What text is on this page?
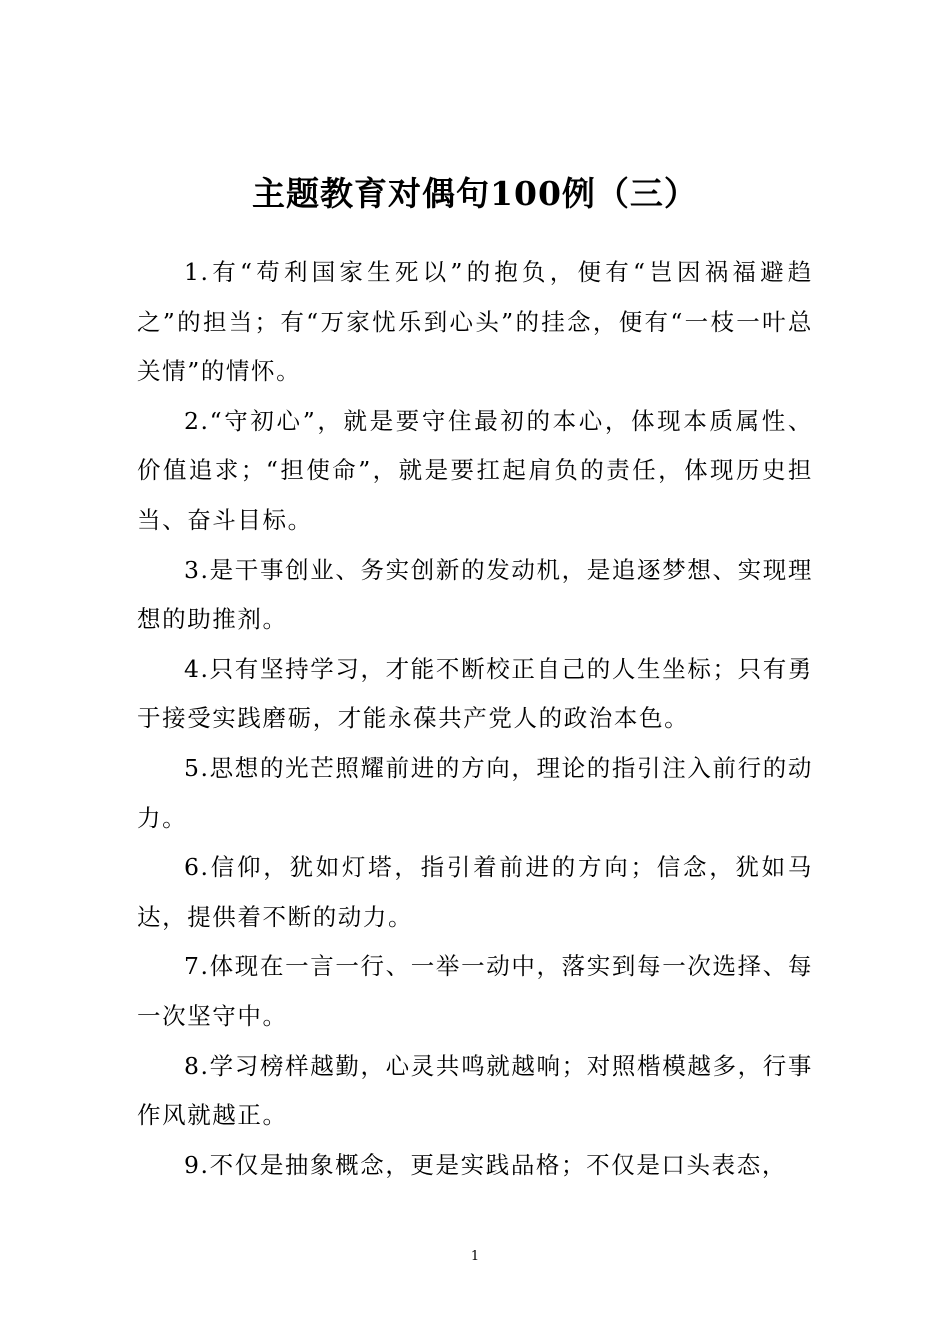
主题教育对偶句100例（三）

1.有“苟利国家生死以”的抱负，便有“岂因祸福避趋之”的担当；有“万家忧乐到心头”的挂念，便有“一枝一叶总关情”的情怀。

2.“守初心”，就是要守住最初的本心，体现本质属性、价值追求；“担使命”，就是要扛起肩负的责任，体现历史担当、奋斗目标。

3.是干事创业、务实创新的发动机，是追逐梦想、实现理想的助推剂。

4.只有坚持学习，才能不断校正自己的人生坐标；只有勇于接受实践磨砺，才能永葆共产党人的政治本色。

5.思想的光芒照耀前进的方向，理论的指引注入前行的动力。

6.信仰，犹如灯塔，指引着前进的方向；信念，犹如马达，提供着不断的动力。

7.体现在一言一行、一举一动中，落实到每一次选择、每一次坚守中。

8.学习榜样越勤，心灵共鸣就越响；对照楷模越多，行事作风就越正。

9.不仅是抽象概念，更是实践品格；不仅是口头表态，

1
